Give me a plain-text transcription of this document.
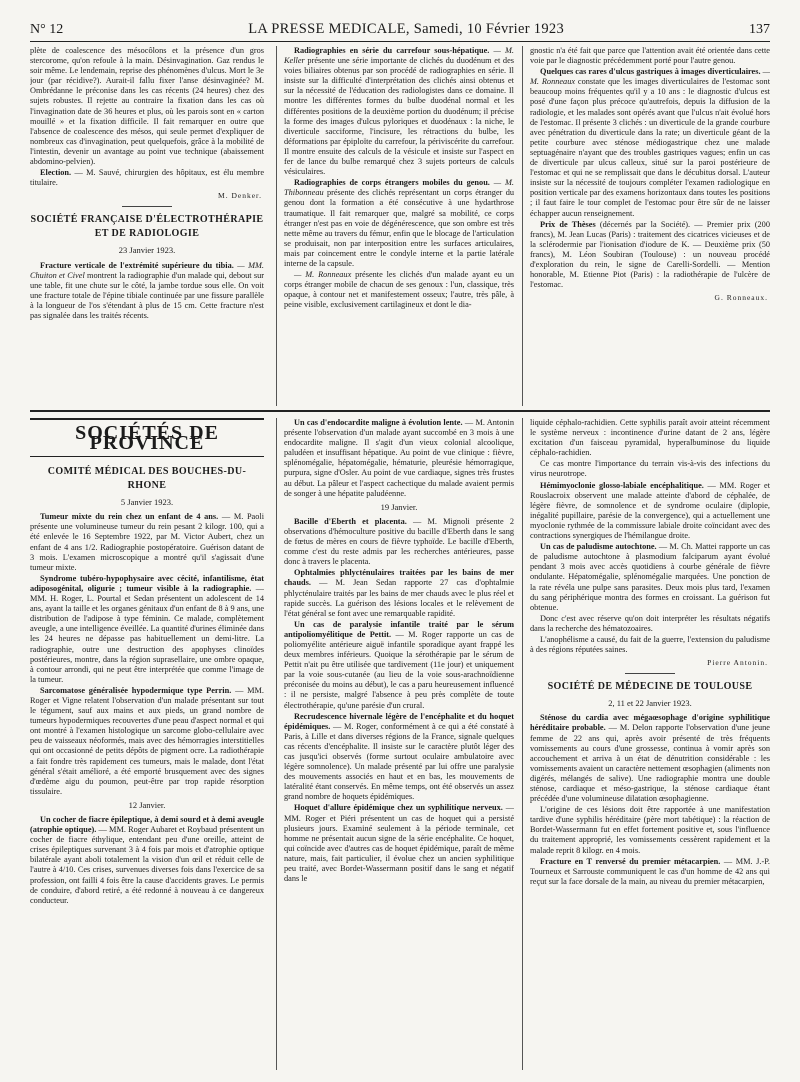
N° 12	LA PRESSE MEDICALE, Samedi, 10 Février 1923	137

plète de coalescence des mésocôlons et la présence d'un gros stercorome, qu'on refoule à la main. Désinvagination. Gaz rendus le soir même. Le lendemain, reprise des phénomènes d'ulcus. Mort le 3e jour (par récidive?). Aurait-il fallu fixer l'anse désinvaginée? M. Ombrédanne le préconise dans les cas récents (24 heures) chez des sujets robustes. Il rejette au contraire la fixation dans les cas où l'invagination date de 36 heures et plus, où les parois sont en « carton mouillé » et la fixation difficile. Il fait remarquer en outre que l'absence de coalescence des mésos, qui seule permet d'expliquer de nombreux cas d'invagination, peut quelquefois, grâce à la mobilité de l'intestin, devenir un avantage au point vue technique (abaissement abdomino-pelvien).

Election. — M. Sauvé, chirurgien des hôpitaux, est élu membre titulaire.

M. Denker.
SOCIÉTÉ FRANÇAISE D'ÉLECTROTHÉRAPIE ET DE RADIOLOGIE
23 Janvier 1923.

Fracture verticale de l'extrémité supérieure du tibia. — MM. Chuiton et Civel montrent la radiographie d'un malade qui, debout sur une table, fit une chute sur le côté, la jambe tordue sous elle. On voit une fracture totale de l'épine tibiale continuée par une fissure parallèle à la longueur de l'os s'étendant à plus de 15 cm. Cette fracture n'est pas signalée dans les traités récents.

Radiographies en série du carrefour sous-hépatique. — M. Keller présente une série importante de clichés du duodénum et des voies biliaires obtenus par son procédé de radiographies en série. Il insiste sur la difficulté d'interprétation des clichés ainsi obtenus et sur la nécessité de l'éducation des radiologistes dans ce domaine. Il montre les différentes formes du bulbe duodénal normal et les différentes positions de la deuxième portion du duodénum; il précise la forme des images d'ulcus pyloriques et duodénaux : la niche, le diverticule sacciforme, l'incisure, les rétractions du bulbe, les déformations par épiploïte du carrefour, la périviscérite du carrefour. Il montre ensuite des calculs de la vésicule et insiste sur l'aspect en fer de lance du bulbe remarqué chez 3 sujets porteurs de calculs vésiculaires.

Radiographies de corps étrangers mobiles du genou. — M. Thibonneau présente des clichés représentant un corps étranger du genou dont la formation a été consécutive à une hydarthrose traumatique. Il fait remarquer que, malgré sa mobilité, ce corps étranger n'est pas en voie de dégénérescence, que son ombre est très nette même au travers du fémur, enfin que le blocage de l'articulation se produisait, non par interposition entre les surfaces articulaires, mais par coincement entre le condyle interne et la partie latérale interne de la capsule.

— M. Ronneaux présente les clichés d'un malade ayant eu un corps étranger mobile de chacun de ses genoux : l'un, classique, très opaque, à contour net et manifestement osseux; l'autre, très pâle, à peine visible, exclusivement cartilagineux et dont le dia-

gnostic n'a été fait que parce que l'attention avait été orientée dans cette voie par le diagnostic précédemment porté pour l'autre genou.

Quelques cas rares d'ulcus gastriques à images diverticulaires. — M. Ronneaux constate que les images diverticulaires de l'estomac sont beaucoup moins fréquentes qu'il y a 10 ans : le diagnostic d'ulcus est posé d'une façon plus précoce qu'autrefois, depuis la diffusion de la radiologie, et les malades sont opérés avant que l'ulcus n'ait évolué hors de l'estomac. Il présente 3 clichés : un diverticule de la grande courbure avec pénétration du diverticule dans la rate; un diverticule géant de la petite courbure avec sténose médiogastrique chez une malade septuagénaire n'ayant que des troubles gastriques vagues; enfin un cas de diverticule par ulcus calleux, situé sur la paroi postérieure de l'estomac et qui ne se remplissait que dans le décubitus dorsal. L'auteur insiste sur la nécessité de toujours compléter l'examen radiologique en position verticale par des examens horizontaux dans toutes les positions ; il faut faire le tour complet de l'estomac pour être sûr de ne laisser échapper aucun renseignement.

Prix de Thèses (décernés par la Société). — Premier prix (200 francs), M. Jean Lucas (Paris) : traitement des cicatrices vicieuses et de la sclérodermie par l'ionisation d'iodure de K. — Deuxième prix (50 francs), M. Léon Soubiran (Toulouse) : un nouveau procédé d'exploration du rein, le signe de Carelli-Sordelli. — Mention honorable, M. Etienne Piot (Paris) : la radiothérapie de l'ulcère de l'estomac.

G. Ronneaux.
SOCIÉTÉS DE PROVINCE
COMITÉ MÉDICAL DES BOUCHES-DU-RHONE
5 Janvier 1923.

Tumeur mixte du rein chez un enfant de 4 ans. — M. Paoli présente une volumineuse tumeur du rein pesant 2 kilogr. 100, qui a été enlevée le 16 Septembre 1922, par M. Victor Aubert, chez un enfant de 4 ans 1/2. Radiographie postopératoire. Guérison datant de 3 mois. L'examen microscopique a montré qu'il s'agissait d'une tumeur mixte.

Syndrome tubéro-hypophysaire avec cécité, infantilisme, état adiposogénital, oligurie ; tumeur visible à la radiographie. — MM. H. Roger, L. Pourtal et Sedan présentent un adolescent de 14 ans, ayant la taille et les organes génitaux d'un enfant de 8 à 9 ans, une distribution de l'adipose à type féminin. Ce malade, complètement aveugle, a une intelligence éveillée. La quantité d'urines éliminée dans les 24 heures ne dépasse pas habituellement un demi-litre. La radiographie, outre une destruction des apophyses clinoïdes postérieures, montre, dans la région suprasellaire, une ombre opaque, à contour arrondi, qui ne peut être interprétée que comme l'image de la tumeur.

Sarcomatose généralisée hypodermique type Perrin. — MM. Roger et Vigne relatent l'observation d'un malade présentant sur tout le tégument, sauf aux mains et aux pieds, un grand nombre de tumeurs hypodermiques recouvertes d'une peau d'aspect normal et qui ont montré à l'examen histologique un sarcome globo-cellulaire avec peu de vaisseaux néoformés, mais avec des hémorragies interstitielles qui ont occasionné de petits dépôts de pigment ocre. La radiothérapie a fait fondre très rapidement ces tumeurs, mais le malade, dont l'état général s'était amélioré, a été emporté brusquement avec des signes d'œdème aigu du poumon, peut-être par trop rapide résorption tissulaire.

12 Janvier.

Un cocher de fiacre épileptique, à demi sourd et à demi aveugle (atrophie optique). — MM. Roger Aubaret et Roybaud présentent un cocher de fiacre éthylique, entendant peu d'une oreille, atteint de crises épileptiques survenant 3 à 4 fois par mois et d'atrophie optique bilatérale ayant aboli totalement la vision d'un œil et réduit celle de l'autre à 4/10. Ces crises, survenues diverses fois dans l'exercice de sa profession, ont failli 4 fois être la cause d'accidents graves. Le permis de conduire, d'abord retiré, a été redonné à nouveau à ce dangereux conducteur.

Un cas d'endocardite maligne à évolution lente. — M. Antonin présente l'observation d'un malade ayant succombé en 3 mois à une endocardite maligne. Il s'agit d'un vieux colonial alcoolique, paludéen et insuffisant hépatique. Au point de vue clinique : fièvre, splénomégalie, hépatomégalie, hématurie, pleurésie hémorragique, purpura, signe d'Osler. Au point de vue cardiaque, signes très frustes au début. La pâleur et l'aspect cachectique du malade avaient permis de songer à une hépatite paludéenne.

19 Janvier.

Bacille d'Eberth et placenta. — M. Mignoli présente 2 observations d'hémoculture positive du bacille d'Eberth dans le sang de fœtus de mères en cours de fièvre typhoïde. Le bacille d'Eberth, comme c'est du reste admis par les recherches antérieures, passe donc à travers le placenta.

Ophtalmies phlycténulaires traitées par les bains de mer chauds. — M. Jean Sedan rapporte 27 cas d'ophtalmie phlycténulaire traités par les bains de mer chauds avec le plus réel et rapide succès. La guérison des lésions locales et le relèvement de l'état général se font avec une remarquable rapidité.

Un cas de paralysie infantile traité par le sérum antipoliomyélitique de Pettit. — M. Roger rapporte un cas de poliomyélite antérieure aiguë infantile sporadique ayant frappé les deux membres inférieurs. Quoique la sérothérapie par le sérum de Pettit n'ait pu être utilisée que tardivement (11e jour) et uniquement par la voie sous-cutanée (au lieu de la voie sous-arachnoïdienne préconisée du moins au début), le cas a paru heureusement influencé : il ne persiste, malgré l'absence à peu près complète de toute électrothérapie, qu'une parésie d'un crural.

Recrudescence hivernale légère de l'encéphalite et du hoquet épidémiques. — M. Roger, conformément à ce qui a été constaté à Paris, à Lille et dans diverses régions de la France, signale quelques cas récents d'encéphalite. Il insiste sur le caractère plutôt léger des cas jusqu'ici observés (forme surtout oculaire ambulatoire avec légère somnolence). Un malade présenté par lui offre une paralysie des mouvements associés en haut et en bas, les mouvements de latéralité étant conservés. En même temps, ont été observés un assez grand nombre de hoquets épidémiques.

Hoquet d'allure épidémique chez un syphilitique nerveux. — MM. Roger et Piéri présentent un cas de hoquet qui a persisté plusieurs jours. Examiné seulement à la période terminale, cet homme ne présentait aucun signe de la série encéphalite. Ce hoquet, qui coïncide avec d'autres cas de hoquet épidémique, paraît de même nature, mais, fait particulier, il évolue chez un ancien syphilitique peu traité, avec Bordet-Wassermann positif dans le sang et négatif dans le

liquide céphalo-rachidien. Cette syphilis paraît avoir atteint récemment le système nerveux : incontinence d'urine datant de 2 ans, légère excitation d'un faisceau pyramidal, hyperalbuminose du liquide céphalo-rachidien.

Ce cas montre l'importance du terrain vis-à-vis des infections du virus neurotrope.

Hémimyoclonie glosso-labiale encéphalitique. — MM. Roger et Rouslacroix observent une malade atteinte d'abord de céphalée, de légère fièvre, de somnolence et de syndrome oculaire (diplopie, inégalité pupillaire, parésie de la convergence), qui a actuellement une myoclonie rythmée de la commissure labiale droite coïncidant avec des contractions synergiques de l'hémilangue droite.

Un cas de paludisme autochtone. — M. Ch. Mattei rapporte un cas de paludisme autochtone à plasmodium falciparum ayant évolué pendant 3 mois avec accès quotidiens à courbe générale de fièvre ondulante. Hépatomégalie, splénomégalie marquées. Une ponction de la rate révéla une pulpe sans parasites. Deux mois plus tard, l'examen du sang périphérique montra des formes en croissant. La guérison fut obtenue.

Donc c'est avec réserve qu'on doit interpréter les résultats négatifs dans la recherche des hématozoaires.

L'anophélisme a causé, du fait de la guerre, l'extension du paludisme à des régions réputées saines.

Pierre Antonin.
SOCIÉTÉ DE MÉDECINE DE TOULOUSE
2, 11 et 22 Janvier 1923.

Sténose du cardia avec mégaœsophage d'origine syphilitique héréditaire probable. — M. Delon rapporte l'observation d'une jeune femme de 22 ans qui, après avoir présenté de très fréquents vomissements au cours d'une grossesse, continua à vomir après son accouchement et arriva à un état de dénutrition considérable : les vomissements avaient un caractère nettement œsophagien (aliments non digérés, mélangés de salive). Une radiographie montra une double sténose, cardiaque et méso-gastrique, la sténose cardiaque étant précédée d'une volumineuse dilatation œsophagienne.

L'origine de ces lésions doit être rapportée à une manifestation tardive d'une syphilis héréditaire (père mort tabétique) : la réaction de Bordet-Wassermann fut en effet fortement positive et, sous l'influence du traitement approprié, les vomissements cessèrent rapidement et la malade reprit 8 kilogr. en 4 mois.

Fracture en T renversé du premier métacarpien. — MM. J.-P. Tourneux et Sarrouste communiquent le cas d'un homme de 42 ans qui reçut sur la face dorsale de la main, au niveau du premier métacarpien,
